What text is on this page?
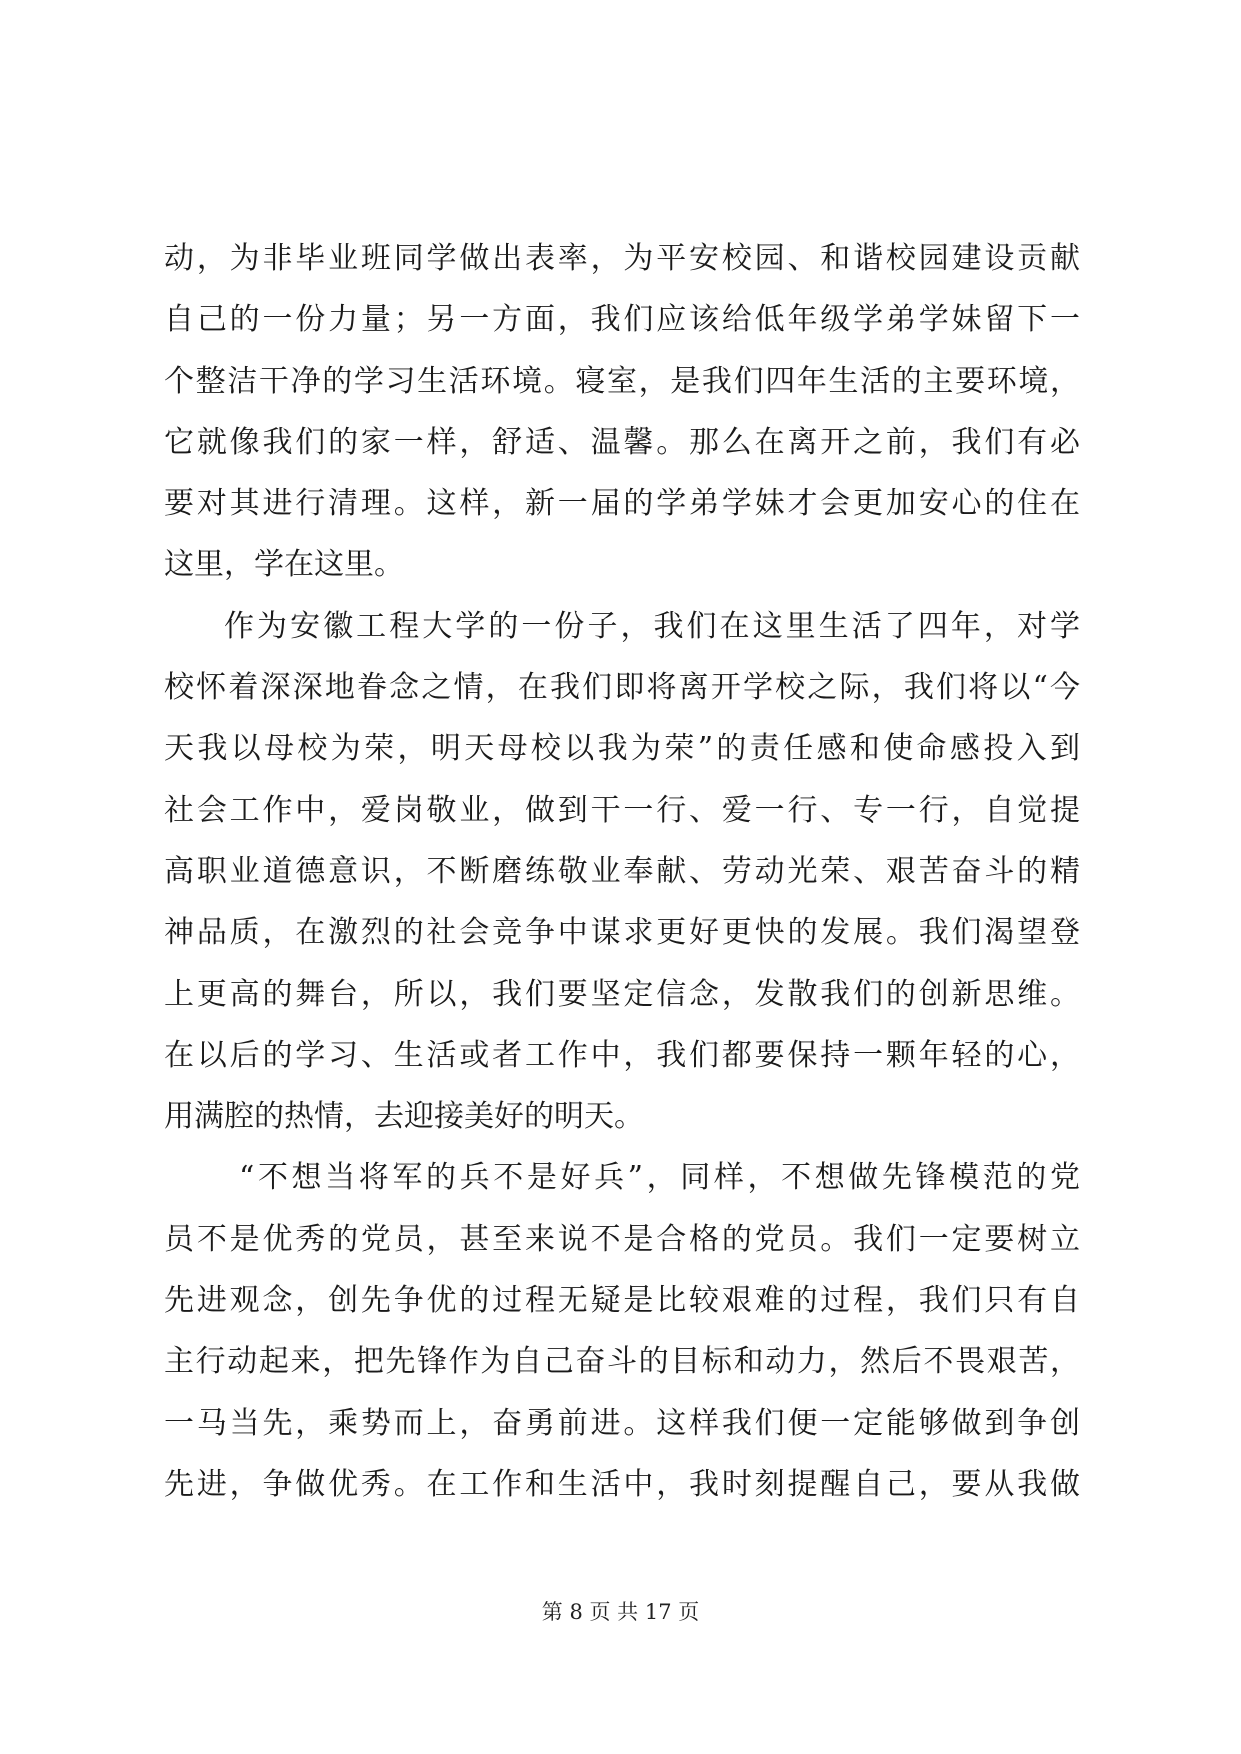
动，为非毕业班同学做出表率，为平安校园、和谐校园建设贡献
自己的一份力量；另一方面，我们应该给低年级学弟学妹留下一
个整洁干净的学习生活环境。寝室，是我们四年生活的主要环境，
它就像我们的家一样，舒适、温馨。那么在离开之前，我们有必
要对其进行清理。这样，新一届的学弟学妹才会更加安心的住在
这里，学在这里。
作为安徽工程大学的一份子，我们在这里生活了四年，对学
校怀着深深地眷念之情，在我们即将离开学校之际，我们将以“今
天我以母校为荣，明天母校以我为荣”的责任感和使命感投入到
社会工作中，爱岗敬业，做到干一行、爱一行、专一行，自觉提
高职业道德意识，不断磨练敬业奉献、劳动光荣、艰苦奋斗的精
神品质，在激烈的社会竞争中谋求更好更快的发展。我们渴望登
上更高的舞台，所以，我们要坚定信念，发散我们的创新思维。
在以后的学习、生活或者工作中，我们都要保持一颗年轻的心，
用满腔的热情，去迎接美好的明天。
“不想当将军的兵不是好兵”，同样，不想做先锋模范的党
员不是优秀的党员，甚至来说不是合格的党员。我们一定要树立
先进观念，创先争优的过程无疑是比较艰难的过程，我们只有自
主行动起来，把先锋作为自己奋斗的目标和动力，然后不畏艰苦，
一马当先，乘势而上，奋勇前进。这样我们便一定能够做到争创
先进，争做优秀。在工作和生活中，我时刻提醒自己，要从我做
第 8 页 共 17 页
